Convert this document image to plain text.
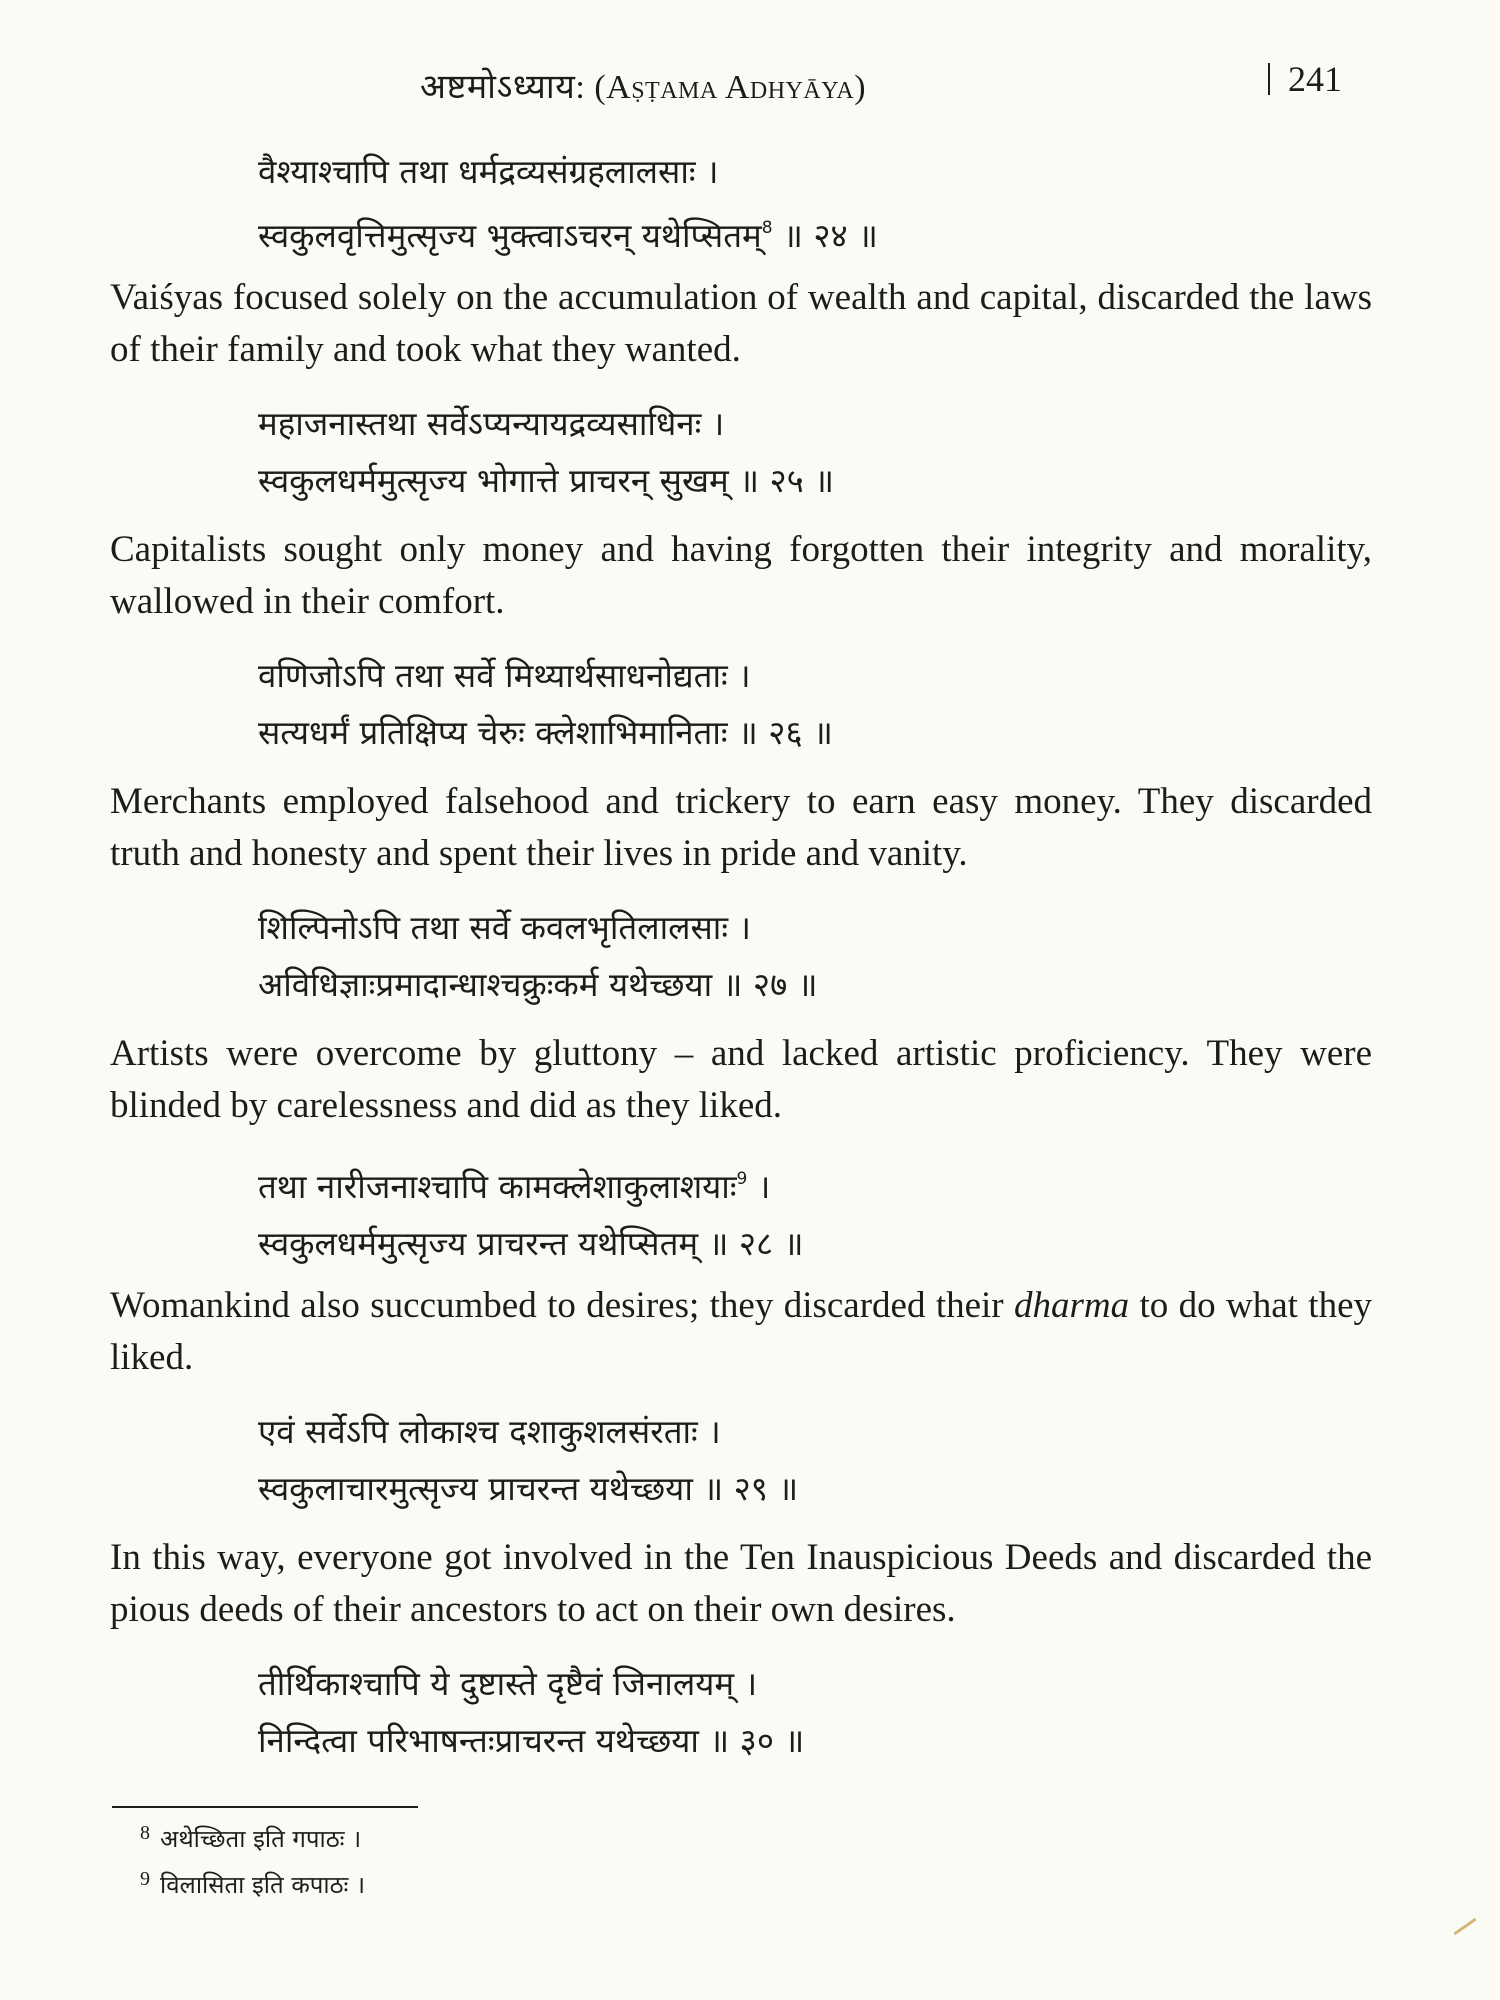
अष्टमोऽध्याय: (Aṣṭama Adhyāya)	241
वैश्याश्चापि तथा धर्मद्रव्यसंग्रहलालसाः ।
स्वकुलवृत्तिमुत्सृज्य भुक्त्वाऽचरन् यथेप्सितम्$^8$ ॥ २४ ॥
Vaiśyas focused solely on the accumulation of wealth and capital, discarded the laws of their family and took what they wanted.
महाजनास्तथा सर्वेऽप्यन्यायद्रव्यसाधिनः ।
स्वकुलधर्ममुत्सृज्य भोगात्ते प्राचरन् सुखम् ॥ २५ ॥
Capitalists sought only money and having forgotten their integrity and morality, wallowed in their comfort.
वणिजोऽपि तथा सर्वे मिथ्यार्थसाधनोद्यताः ।
सत्यधर्मं प्रतिक्षिप्य चेरुः क्लेशाभिमानिताः ॥ २६ ॥
Merchants employed falsehood and trickery to earn easy money. They discarded truth and honesty and spent their lives in pride and vanity.
शिल्पिनोऽपि तथा सर्वे कवलभृतिलालसाः ।
अविधिज्ञाःप्रमादान्धाश्चक्रुःकर्म यथेच्छया ॥ २७ ॥
Artists were overcome by gluttony – and lacked artistic proficiency. They were blinded by carelessness and did as they liked.
तथा नारीजनाश्चापि कामक्लेशाकुलाशयाः$^9$ ।
स्वकुलधर्ममुत्सृज्य प्राचरन्त यथेप्सितम् ॥ २८ ॥
Womankind also succumbed to desires; they discarded their dharma to do what they liked.
एवं सर्वेऽपि लोकाश्च दशाकुशलसंरताः ।
स्वकुलाचारमुत्सृज्य प्राचरन्त यथेच्छया ॥ २९ ॥
In this way, everyone got involved in the Ten Inauspicious Deeds and discarded the pious deeds of their ancestors to act on their own desires.
तीर्थिकाश्चापि ये दुष्टास्ते दृष्टैवं जिनालयम् ।
निन्दित्वा परिभाषन्तःप्राचरन्त यथेच्छया ॥ ३० ॥
$^8$ अथेच्छिता इति गपाठः ।
$^9$ विलासिता इति कपाठः ।
